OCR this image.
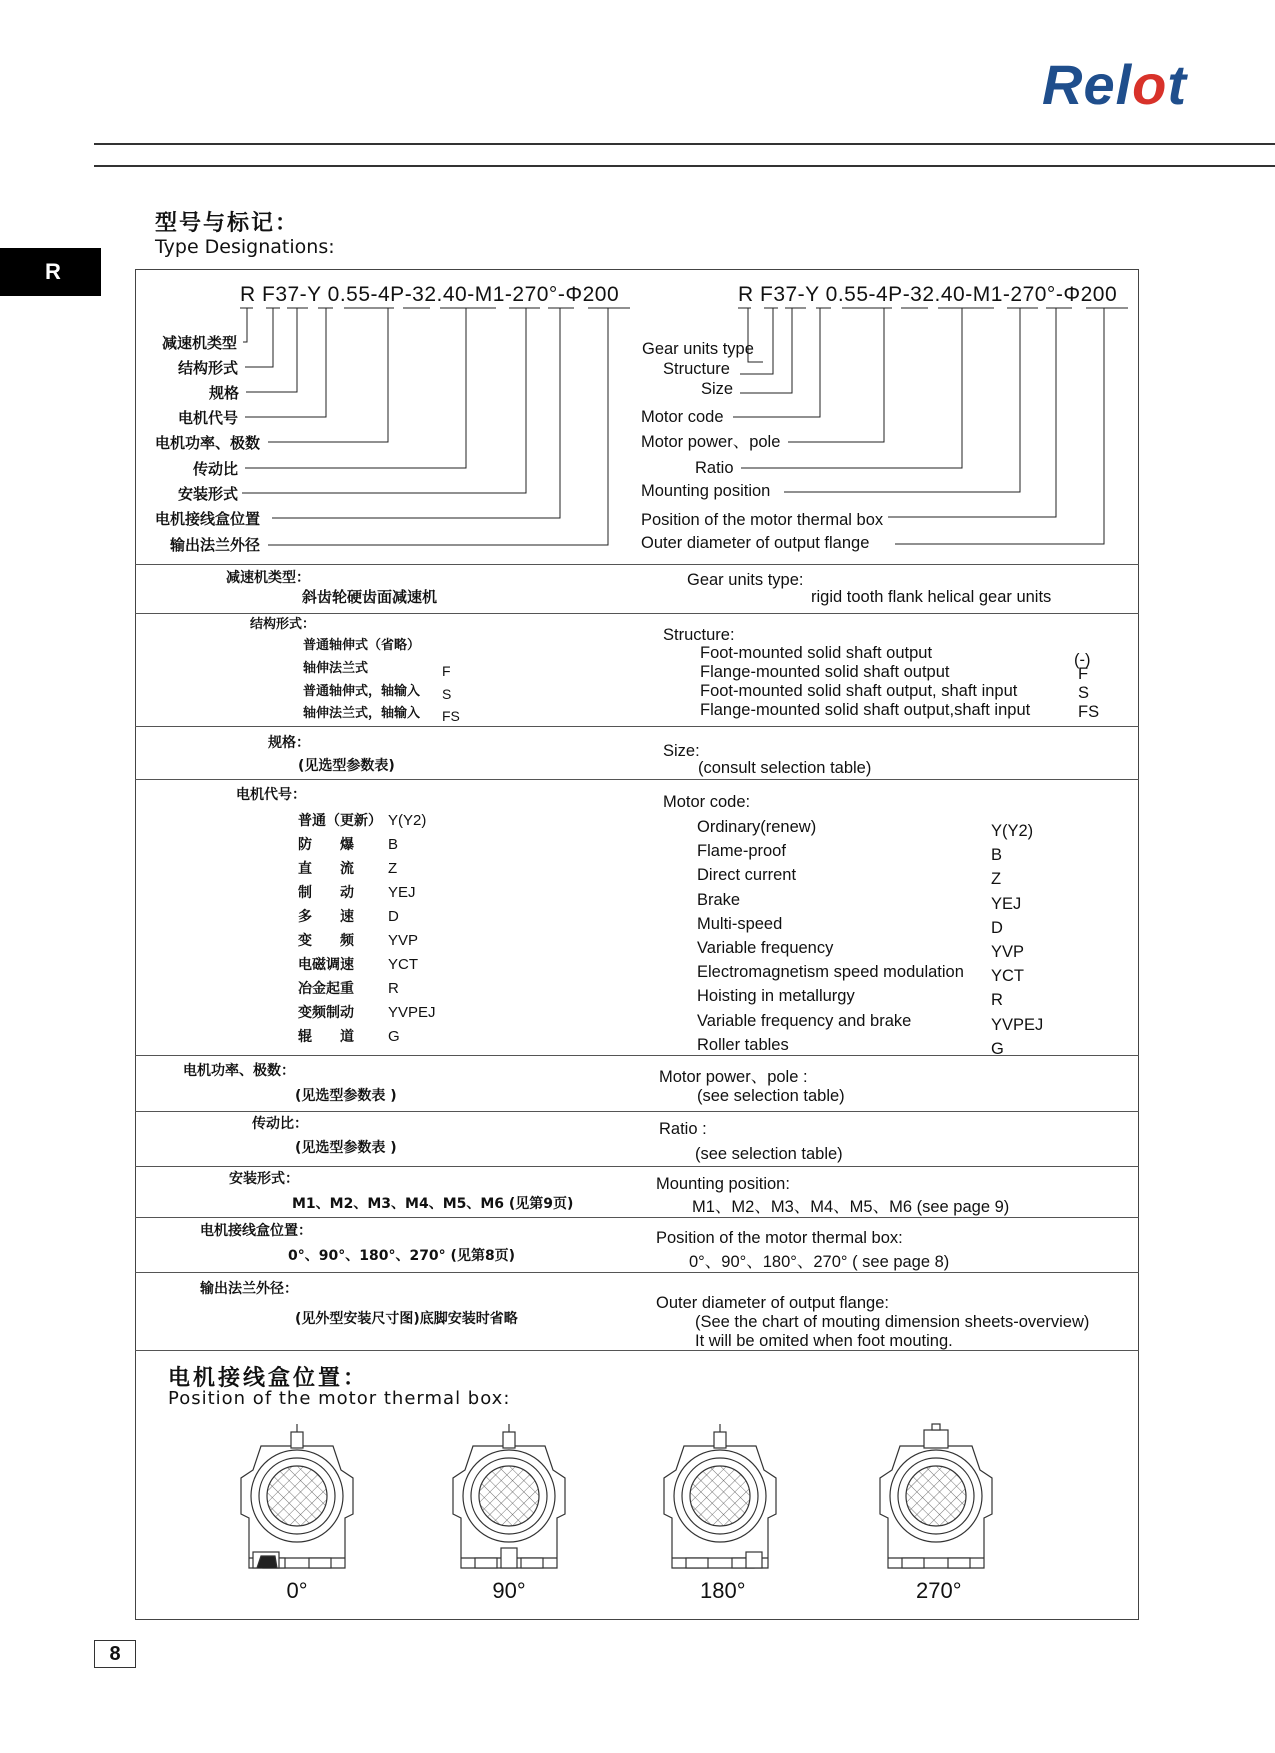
Relot
R
型号与标记：
Type Designations:
R F37-Y 0.55-4P-32.40-M1-270°-Φ200	R F37-Y 0.55-4P-32.40-M1-270°-Φ200
减速机类型
结构形式
规格
电机代号
电机功率、极数
传动比
安装形式
电机接线盒位置
输出法兰外径
Gear units type
Structure
Size
Motor code
Motor power、pole
Ratio
Mounting position
Position of the motor thermal box
Outer diameter of output flange
减速机类型：
斜齿轮硬齿面减速机
Gear units type:
rigid tooth flank helical gear units
结构形式：
普通轴伸式（省略）
轴伸法兰式	F
普通轴伸式，轴输入 S
轴伸法兰式，轴输入 FS
Structure:
Foot-mounted solid shaft output	(-)
Flange-mounted solid shaft output	F
Foot-mounted solid shaft output, shaft input	S
Flange-mounted solid shaft output,shaft input	FS
规格：
(见选型参数表)
Size:
(consult selection table)
电机代号：	Motor code:
普通（更新） Y(Y2)
防　　爆 B
直　　流 Z
制　　动 YEJ
多　　速 D
变　　频 YVP
电磁调速 YCT
冶金起重 R
变频制动 YVPEJ
辊　　道 G
Ordinary(renew)	Y(Y2)
Flame-proof	B
Direct current	Z
Brake	YEJ
Multi-speed	D
Variable frequency	YVP
Electromagnetism speed modulation YCT
Hoisting in metallurgy	R
Variable frequency and brake	YVPEJ
Roller tables	G
电机功率、极数：
(见选型参数表 )
Motor power、pole :
(see selection table)
传动比：
(见选型参数表 )
Ratio :
(see selection table)
安装形式：
M1、M2、M3、M4、M5、M6 (见第9页)
Mounting position:
M1、M2、M3、M4、M5、M6 (see page 9)
电机接线盒位置：
0°、90°、180°、270° (见第8页)
Position of the motor thermal box:
0°、90°、180°、270° ( see page 8)
输出法兰外径：
(见外型安装尺寸图)底脚安装时省略
Outer diameter of output flange:
(See the chart of mouting dimension sheets-overview)
It will be omited when foot mouting.
电机接线盒位置：
Position of the motor thermal box:
0°	90°	180°	270°
8
